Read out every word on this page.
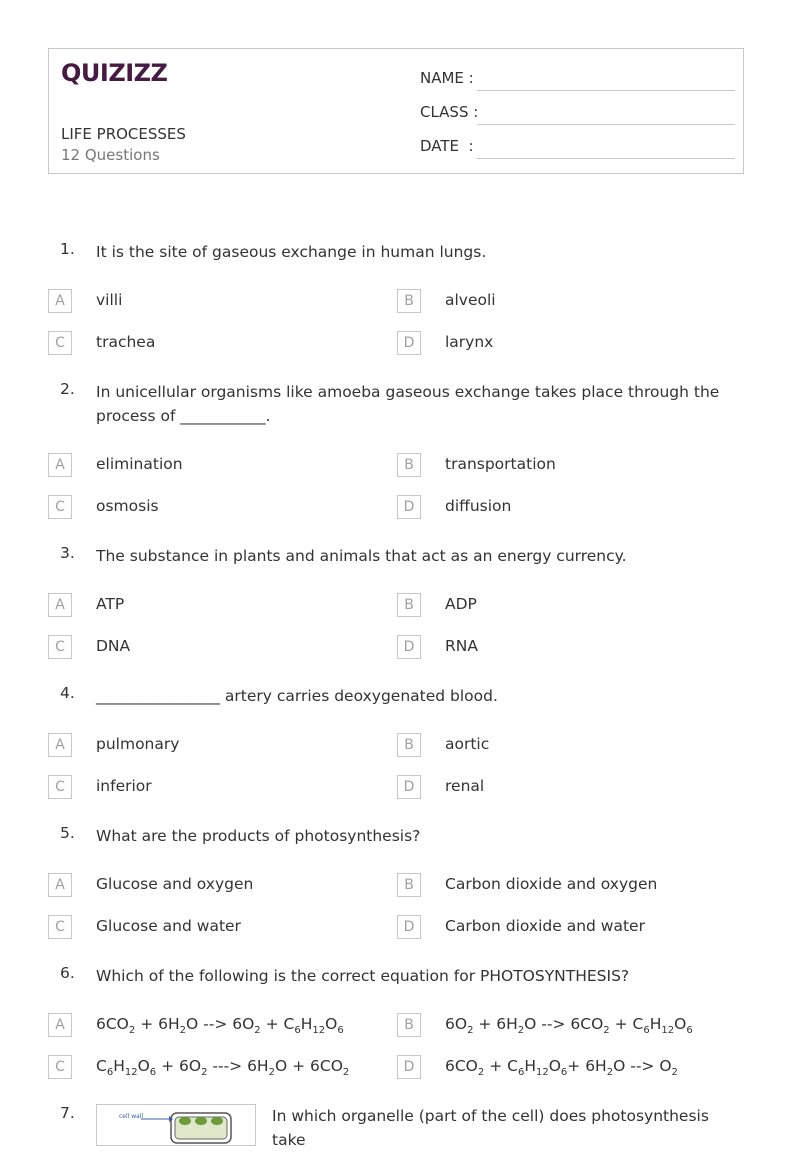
QUIZIZZ
LIFE PROCESSES
12 Questions
NAME :
CLASS :
DATE  :
1. It is the site of gaseous exchange in human lungs.
A	villi	B	alveoli
C	trachea	D	larynx
2. In unicellular organisms like amoeba gaseous exchange takes place through the process of ___________.
A	elimination	B	transportation
C	osmosis	D	diffusion
3. The substance in plants and animals that act as an energy currency.
A	ATP	B	ADP
C	DNA	D	RNA
4. ________________ artery carries deoxygenated blood.
A	pulmonary	B	aortic
C	inferior	D	renal
5. What are the products of photosynthesis?
A	Glucose and oxygen	B	Carbon dioxide and oxygen
C	Glucose and water	D	Carbon dioxide and water
6. Which of the following is the correct equation for PHOTOSYNTHESIS?
A	$6CO_2 + 6H_2O$ --> $6O_2 + C_6H_{12}O_6$	B	$6O_2 + 6H_2O$ --> $6CO_2 + C_6H_{12}O_6$
C	$C_6H_{12}O_6 + 6O_2$ ---> $6H_2O + 6CO_2$	D	$6CO_2 + C_6H_{12}O_6+ 6H_2O$ --> $O_2$
7.	cell wall	In which organelle (part of the cell) does photosynthesis take
